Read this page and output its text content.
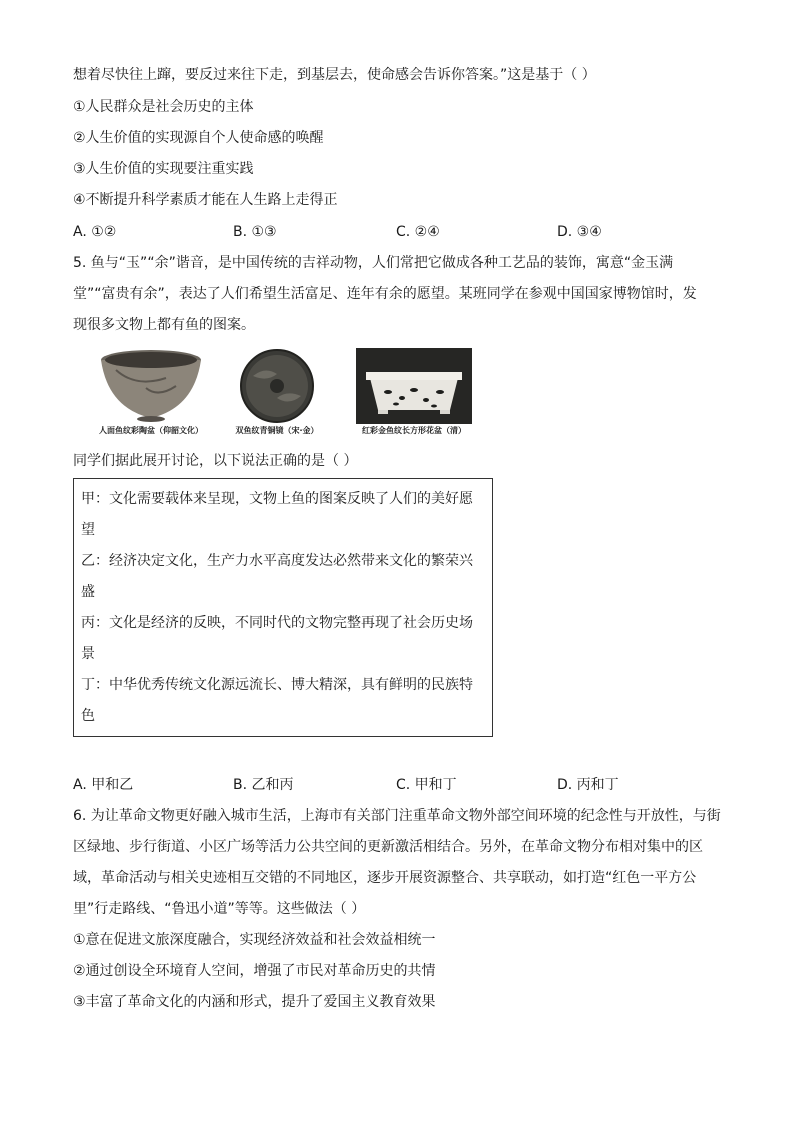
想着尽快往上蹿，要反过来往下走，到基层去，使命感会告诉你答案。”这是基于（ ）
①人民群众是社会历史的主体
②人生价值的实现源自个人使命感的唤醒
③人生价值的实现要注重实践
④不断提升科学素质才能在人生路上走得正
A. ①②	B. ①③	C. ②④	D. ③④
5. 鱼与“玉”“余”谐音，是中国传统的吉祥动物，人们常把它做成各种工艺品的装饰，寓意“金玉满
堂”“富贵有余”，表达了人们希望生活富足、连年有余的愿望。某班同学在参观中国国家博物馆时，发
现很多文物上都有鱼的图案。
人面鱼纹彩陶盆（仰韶文化）	双鱼纹青铜镜（宋·金）	红彩金鱼纹长方形花盆（清）
同学们据此展开讨论，以下说法正确的是（ ）
甲：文化需要载体来呈现，文物上鱼的图案反映了人们的美好愿
望
乙：经济决定文化，生产力水平高度发达必然带来文化的繁荣兴
盛
丙：文化是经济的反映，不同时代的文物完整再现了社会历史场
景
丁：中华优秀传统文化源远流长、博大精深，具有鲜明的民族特
色
A. 甲和乙	B. 乙和丙	C. 甲和丁	D. 丙和丁
6. 为让革命文物更好融入城市生活，上海市有关部门注重革命文物外部空间环境的纪念性与开放性，与街
区绿地、步行街道、小区广场等活力公共空间的更新激活相结合。另外，在革命文物分布相对集中的区
域，革命活动与相关史迹相互交错的不同地区，逐步开展资源整合、共享联动，如打造“红色一平方公
里”行走路线、“鲁迅小道”等等。这些做法（ ）
①意在促进文旅深度融合，实现经济效益和社会效益相统一
②通过创设全环境育人空间，增强了市民对革命历史的共情
③丰富了革命文化的内涵和形式，提升了爱国主义教育效果
